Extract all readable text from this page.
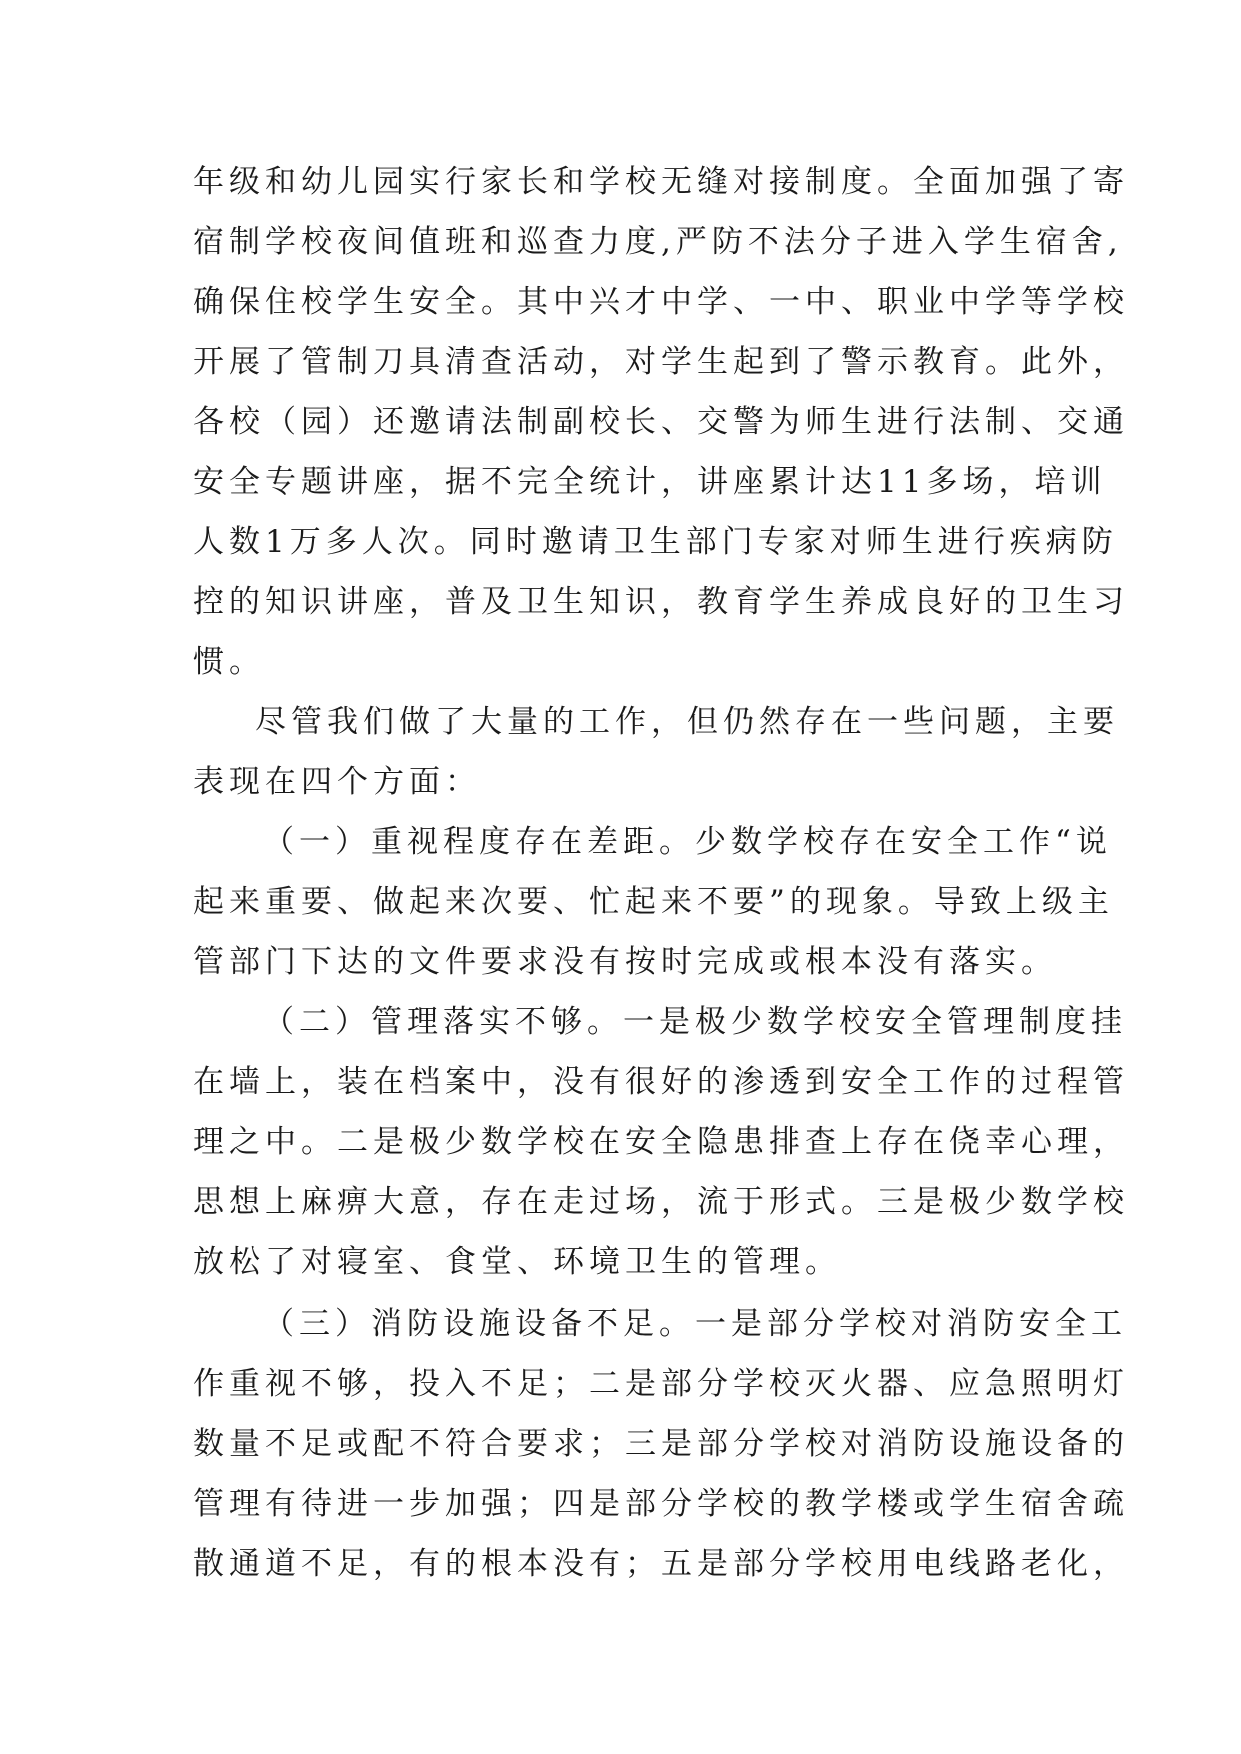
年级和幼儿园实行家长和学校无缝对接制度。全面加强了寄
宿制学校夜间值班和巡查力度,严防不法分子进入学生宿舍,
确保住校学生安全。其中兴才中学、一中、职业中学等学校
开展了管制刀具清查活动，对学生起到了警示教育。此外，
各校（园）还邀请法制副校长、交警为师生进行法制、交通
安全专题讲座，据不完全统计，讲座累计达11多场，培训
人数1万多人次。同时邀请卫生部门专家对师生进行疾病防
控的知识讲座，普及卫生知识，教育学生养成良好的卫生习
惯。
尽管我们做了大量的工作，但仍然存在一些问题，主要
表现在四个方面：
（一）重视程度存在差距。少数学校存在安全工作“说
起来重要、做起来次要、忙起来不要”的现象。导致上级主
管部门下达的文件要求没有按时完成或根本没有落实。
（二）管理落实不够。一是极少数学校安全管理制度挂
在墙上，装在档案中，没有很好的渗透到安全工作的过程管
理之中。二是极少数学校在安全隐患排查上存在侥幸心理，
思想上麻痹大意，存在走过场，流于形式。三是极少数学校
放松了对寝室、食堂、环境卫生的管理。
（三）消防设施设备不足。一是部分学校对消防安全工
作重视不够，投入不足；二是部分学校灭火器、应急照明灯
数量不足或配不符合要求；三是部分学校对消防设施设备的
管理有待进一步加强；四是部分学校的教学楼或学生宿舍疏
散通道不足，有的根本没有；五是部分学校用电线路老化，
